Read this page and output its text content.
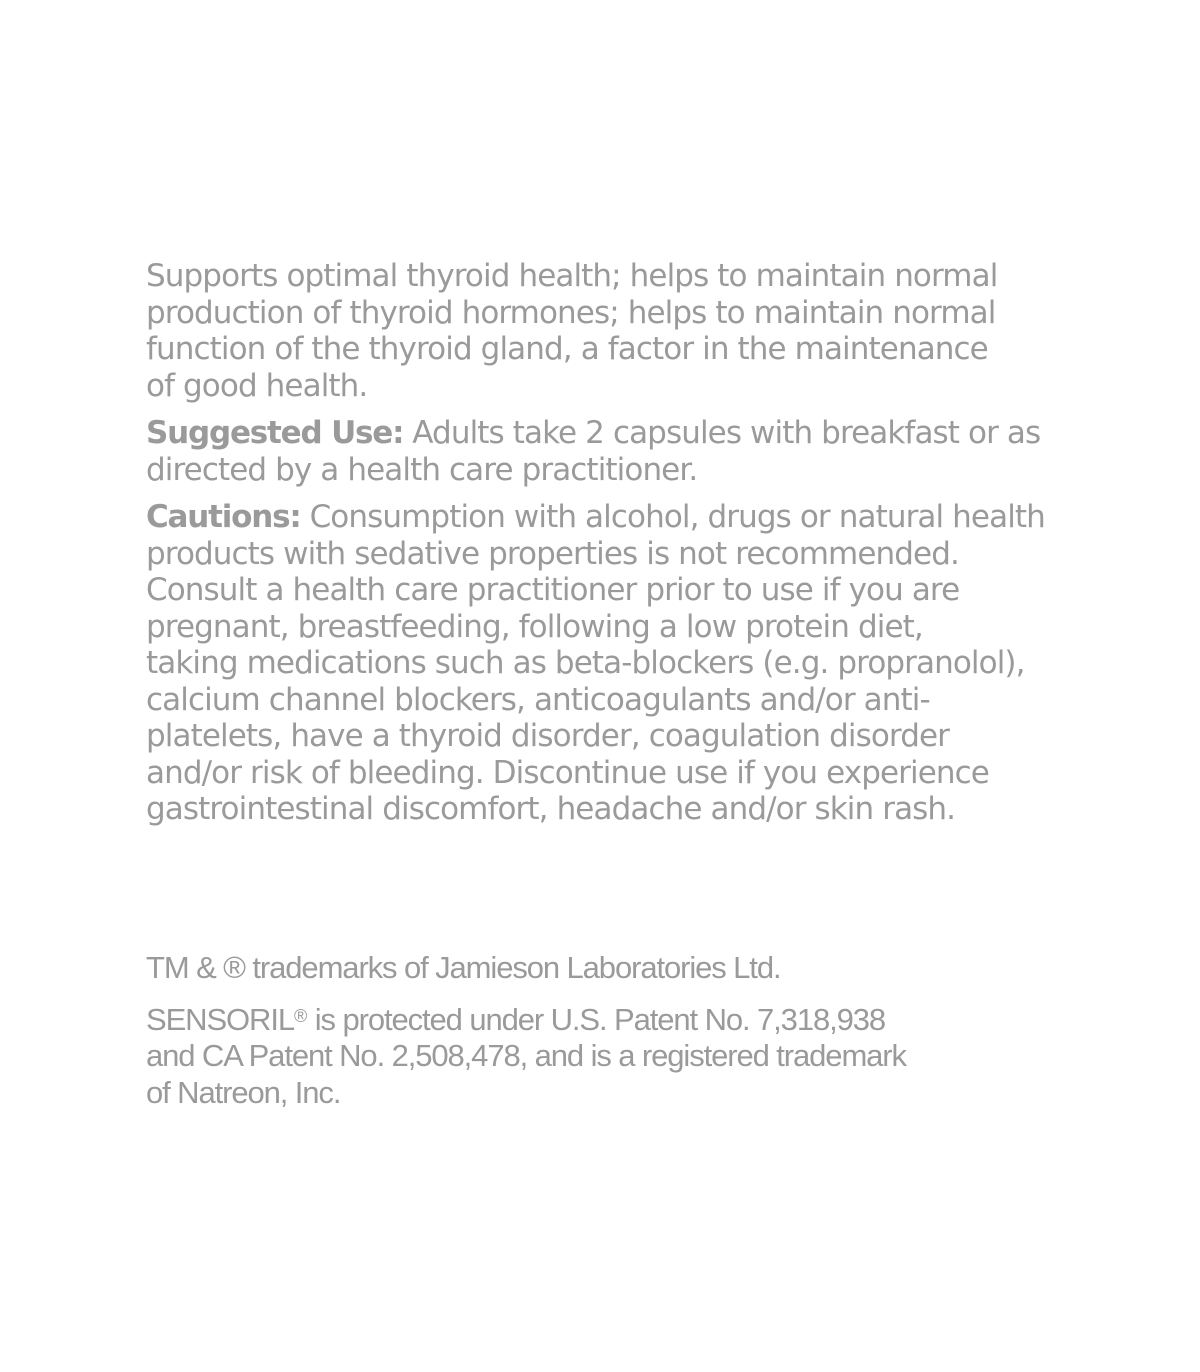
Supports optimal thyroid health; helps to maintain normal
production of thyroid hormones; helps to maintain normal
function of the thyroid gland, a factor in the maintenance
of good health.

Suggested Use: Adults take 2 capsules with breakfast or as
directed by a health care practitioner.

Cautions: Consumption with alcohol, drugs or natural health
products with sedative properties is not recommended.
Consult a health care practitioner prior to use if you are
pregnant, breastfeeding, following a low protein diet,
taking medications such as beta-blockers (e.g. propranolol),
calcium channel blockers, anticoagulants and/or anti-
platelets, have a thyroid disorder, coagulation disorder
and/or risk of bleeding. Discontinue use if you experience
gastrointestinal discomfort, headache and/or skin rash.

TM & ® trademarks of Jamieson Laboratories Ltd.

SENSORIL® is protected under U.S. Patent No. 7,318,938
and CA Patent No. 2,508,478, and is a registered trademark
of Natreon, Inc.
